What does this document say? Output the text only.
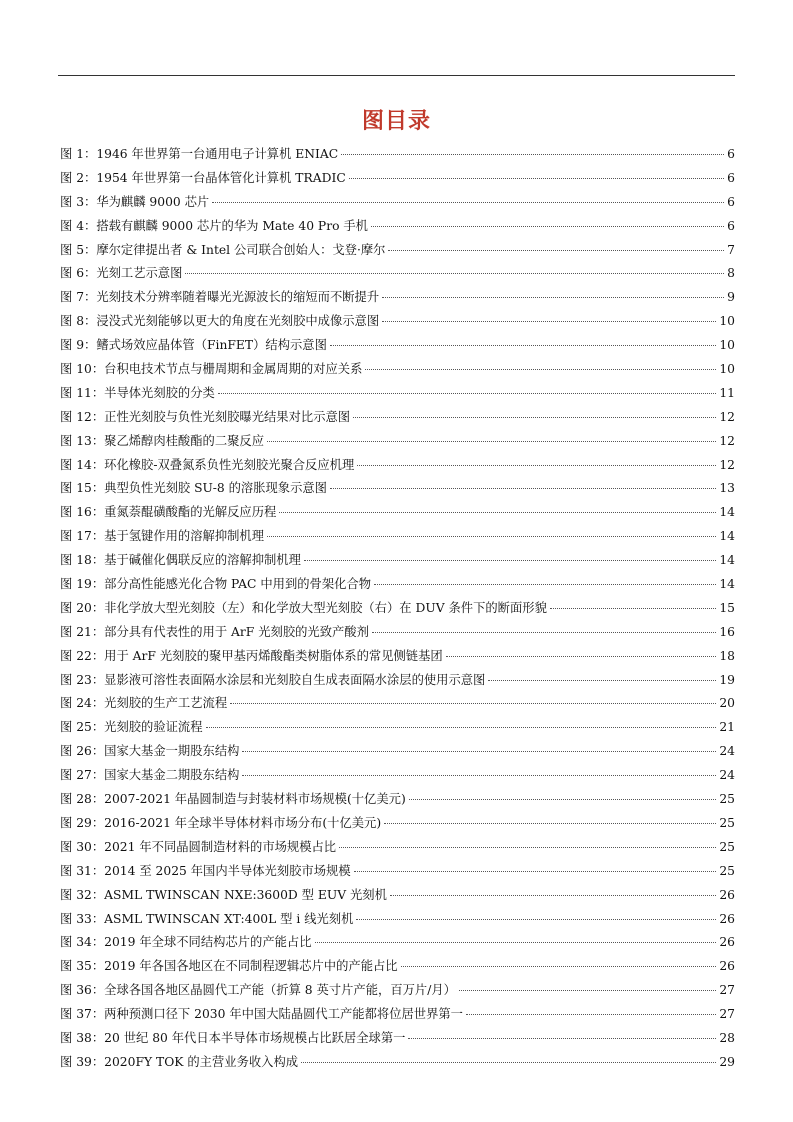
图目录
图 1：1946 年世界第一台通用电子计算机 ENIAC	6
图 2：1954 年世界第一台晶体管化计算机 TRADIC	6
图 3：华为麒麟 9000 芯片	6
图 4：搭载有麒麟 9000 芯片的华为 Mate 40 Pro 手机	6
图 5：摩尔定律提出者 & Intel 公司联合创始人：戈登·摩尔	7
图 6：光刻工艺示意图	8
图 7：光刻技术分辨率随着曝光光源波长的缩短而不断提升	9
图 8：浸没式光刻能够以更大的角度在光刻胶中成像示意图	10
图 9：鳍式场效应晶体管（FinFET）结构示意图	10
图 10：台积电技术节点与栅周期和金属周期的对应关系	10
图 11：半导体光刻胶的分类	11
图 12：正性光刻胶与负性光刻胶曝光结果对比示意图	12
图 13：聚乙烯醇肉桂酸酯的二聚反应	12
图 14：环化橡胶-双叠氮系负性光刻胶光聚合反应机理	12
图 15：典型负性光刻胶 SU-8 的溶胀现象示意图	13
图 16：重氮萘醌磺酸酯的光解反应历程	14
图 17：基于氢键作用的溶解抑制机理	14
图 18：基于碱催化偶联反应的溶解抑制机理	14
图 19：部分高性能感光化合物 PAC 中用到的骨架化合物	14
图 20：非化学放大型光刻胶（左）和化学放大型光刻胶（右）在 DUV 条件下的断面形貌	15
图 21：部分具有代表性的用于 ArF 光刻胶的光致产酸剂	16
图 22：用于 ArF 光刻胶的聚甲基丙烯酸酯类树脂体系的常见侧链基团	18
图 23：显影液可溶性表面隔水涂层和光刻胶自生成表面隔水涂层的使用示意图	19
图 24：光刻胶的生产工艺流程	20
图 25：光刻胶的验证流程	21
图 26：国家大基金一期股东结构	24
图 27：国家大基金二期股东结构	24
图 28：2007-2021 年晶圆制造与封装材料市场规模(十亿美元)	25
图 29：2016-2021 年全球半导体材料市场分布(十亿美元)	25
图 30：2021 年不同晶圆制造材料的市场规模占比	25
图 31：2014 至 2025 年国内半导体光刻胶市场规模	25
图 32：ASML TWINSCAN NXE:3600D 型 EUV 光刻机	26
图 33：ASML TWINSCAN XT:400L 型 i 线光刻机	26
图 34：2019 年全球不同结构芯片的产能占比	26
图 35：2019 年各国各地区在不同制程逻辑芯片中的产能占比	26
图 36：全球各国各地区晶圆代工产能（折算 8 英寸片产能，百万片/月）	27
图 37：两种预测口径下 2030 年中国大陆晶圆代工产能都将位居世界第一	27
图 38：20 世纪 80 年代日本半导体市场规模占比跃居全球第一	28
图 39：2020FY TOK 的主营业务收入构成	29
